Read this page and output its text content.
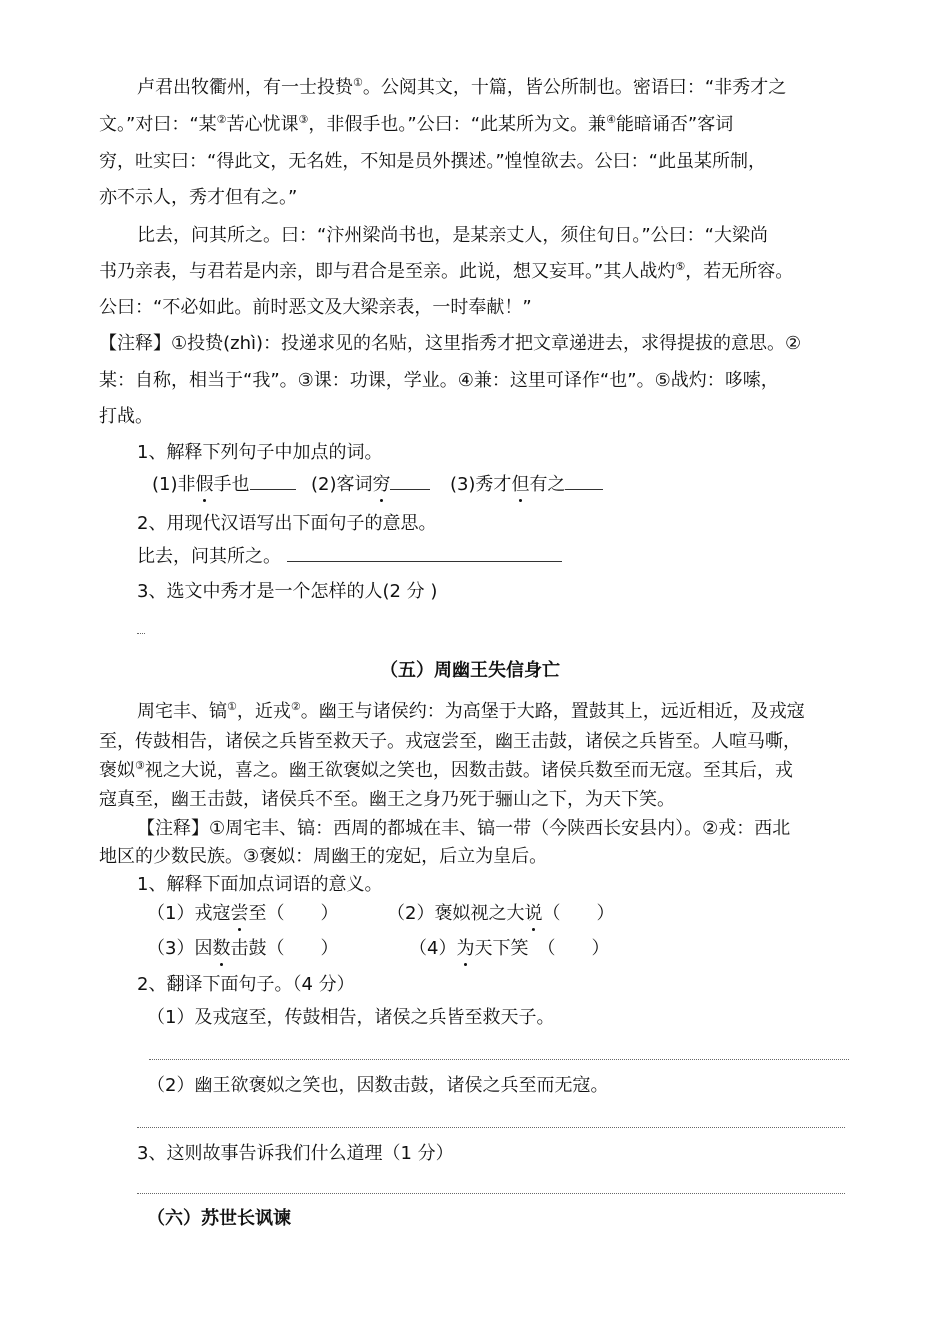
卢君出牧衢州，有一士投贽①。公阅其文，十篇，皆公所制也。密语曰：“非秀才之
文。”对曰：“某②苦心忧课③，非假手也。”公曰：“此某所为文。兼④能暗诵否”客词
穷，吐实曰：“得此文，无名姓，不知是员外撰述。”惶惶欲去。公曰：“此虽某所制，
亦不示人，秀才但有之。”
比去，问其所之。曰：“汴州梁尚书也，是某亲丈人，须住旬日。”公曰：“大梁尚
书乃亲表，与君若是内亲，即与君合是至亲。此说，想又妄耳。”其人战灼⑤，若无所容。
公曰：“不必如此。前时恶文及大梁亲表，一时奉献！”
【注释】①投贽(zhì)：投递求见的名贴，这里指秀才把文章递进去，求得提拔的意思。②
某：自称，相当于“我”。③课：功课，学业。④兼：这里可译作“也”。⑤战灼：哆嗦，
打战。
1、解释下列句子中加点的词。
(1)非假手也	(2)客词穷	(3)秀才但有之
2、用现代汉语写出下面句子的意思。
比去，问其所之。
3、选文中秀才是一个怎样的人(2 分 )
（五）周幽王失信身亡
周宅丰、镐①，近戎②。幽王与诸侯约：为高堡于大路，置鼓其上，远近相近，及戎寇
至，传鼓相告，诸侯之兵皆至救天子。戎寇尝至，幽王击鼓，诸侯之兵皆至。人喧马嘶，
褒姒③视之大说，喜之。幽王欲褒姒之笑也，因数击鼓。诸侯兵数至而无寇。至其后，戎
寇真至，幽王击鼓，诸侯兵不至。幽王之身乃死于骊山之下，为天下笑。
【注释】①周宅丰、镐：西周的都城在丰、镐一带（今陕西长安县内）。②戎：西北
地区的少数民族。③褒姒：周幽王的宠妃，后立为皇后。
1、解释下面加点词语的意义。
（1）戎寇尝至（　　）	（2）褒姒视之大说（　　）
（3）因数击鼓（　　）	（4）为天下笑　（　　）
2、翻译下面句子。（4 分）
（1）及戎寇至，传鼓相告，诸侯之兵皆至救天子。
（2）幽王欲褒姒之笑也，因数击鼓，诸侯之兵至而无寇。
3、这则故事告诉我们什么道理（1 分）
（六）苏世长讽谏
